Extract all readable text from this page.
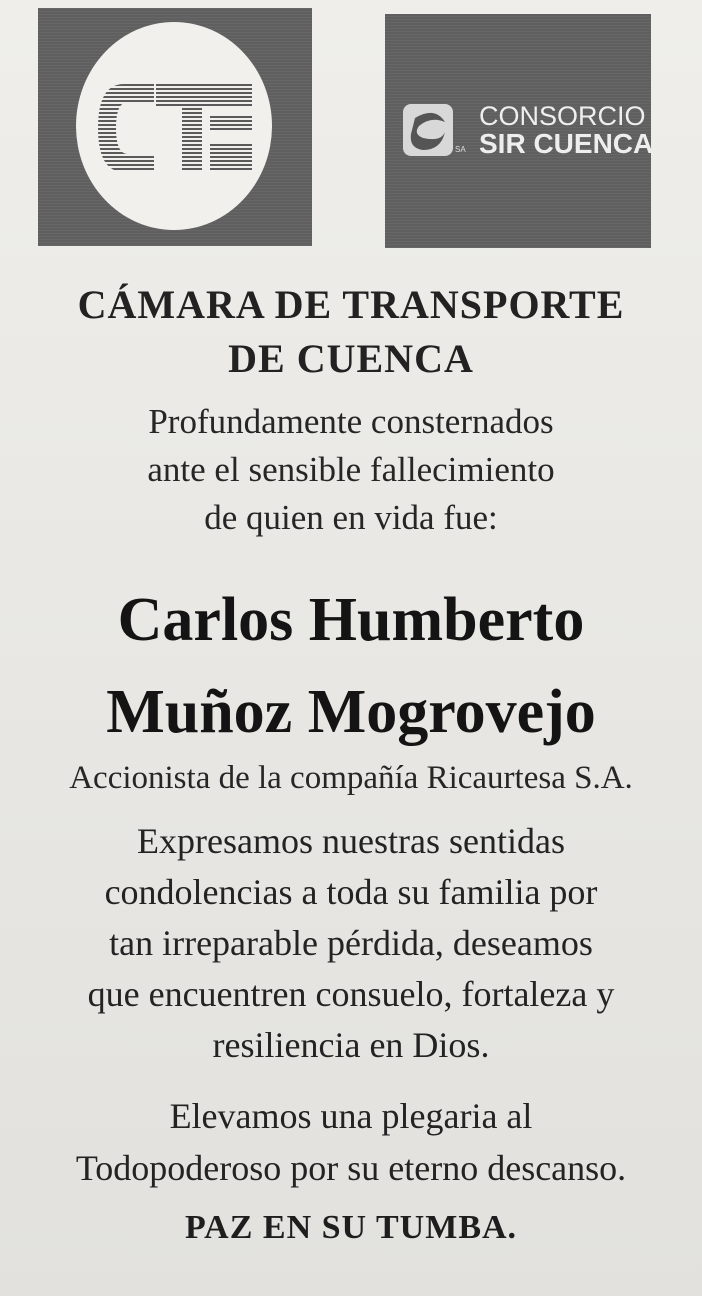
SA
CONSORCIO
SIR CUENCA
CÁMARA DE TRANSPORTE
DE CUENCA
Profundamente consternados
ante el sensible fallecimiento
de quien en vida fue:
Carlos Humberto
Muñoz Mogrovejo
Accionista de la compañía Ricaurtesa S.A.
Expresamos nuestras sentidas
condolencias a toda su familia por
tan irreparable pérdida, deseamos
que encuentren consuelo, fortaleza y
resiliencia en Dios.
Elevamos una plegaria al
Todopoderoso por su eterno descanso.
PAZ EN SU TUMBA.
